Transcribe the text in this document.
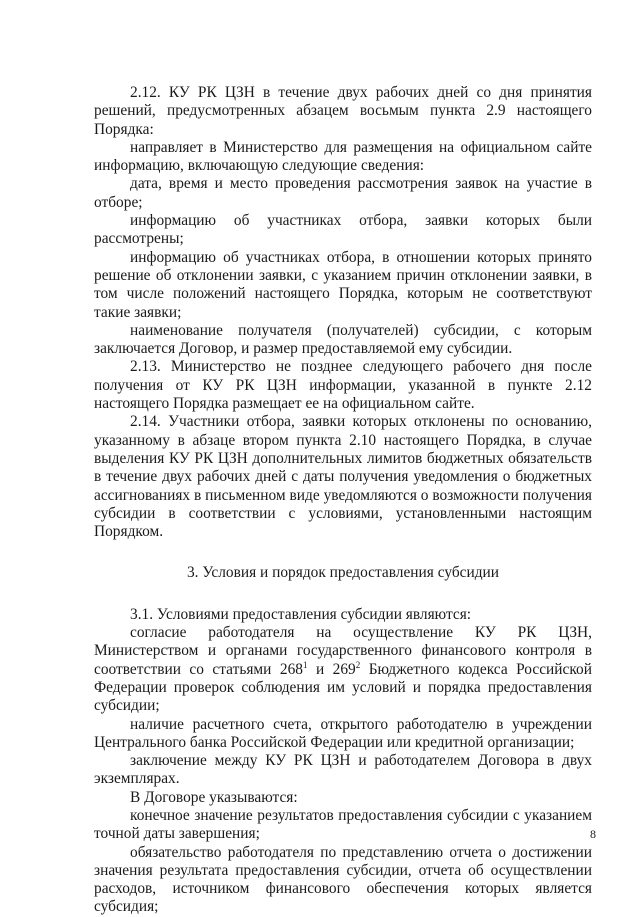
2.12. КУ РК ЦЗН в течение двух рабочих дней со дня принятия решений, предусмотренных абзацем восьмым пункта 2.9 настоящего Порядка:

направляет в Министерство для размещения на официальном сайте информацию, включающую следующие сведения:

дата, время и место проведения рассмотрения заявок на участие в отборе;

информацию об участниках отбора, заявки которых были рассмотрены;

информацию об участниках отбора, в отношении которых принято решение об отклонении заявки, с указанием причин отклонении заявки, в том числе положений настоящего Порядка, которым не соответствуют такие заявки;

наименование получателя (получателей) субсидии, с которым заключается Договор, и размер предоставляемой ему субсидии.

2.13. Министерство не позднее следующего рабочего дня после получения от КУ РК ЦЗН информации, указанной в пункте 2.12 настоящего Порядка размещает ее на официальном сайте.

2.14. Участники отбора, заявки которых отклонены по основанию, указанному в абзаце втором пункта 2.10 настоящего Порядка, в случае выделения КУ РК ЦЗН дополнительных лимитов бюджетных обязательств в течение двух рабочих дней с даты получения уведомления о бюджетных ассигнованиях в письменном виде уведомляются о возможности получения субсидии в соответствии с условиями, установленными настоящим Порядком.

3. Условия и порядок предоставления субсидии

3.1. Условиями предоставления субсидии являются:

согласие работодателя на осуществление КУ РК ЦЗН, Министерством и органами государственного финансового контроля в соответствии со статьями $268^1$ и $269^2$ Бюджетного кодекса Российской Федерации проверок соблюдения им условий и порядка предоставления субсидии;

наличие расчетного счета, открытого работодателю в учреждении Центрального банка Российской Федерации или кредитной организации;

заключение между КУ РК ЦЗН и работодателем Договора в двух экземплярах.

В Договоре указываются:

конечное значение результатов предоставления субсидии с указанием точной даты завершения;

обязательство работодателя по представлению отчета о достижении значения результата предоставления субсидии, отчета об осуществлении расходов, источником финансового обеспечения которых является субсидия;

8
